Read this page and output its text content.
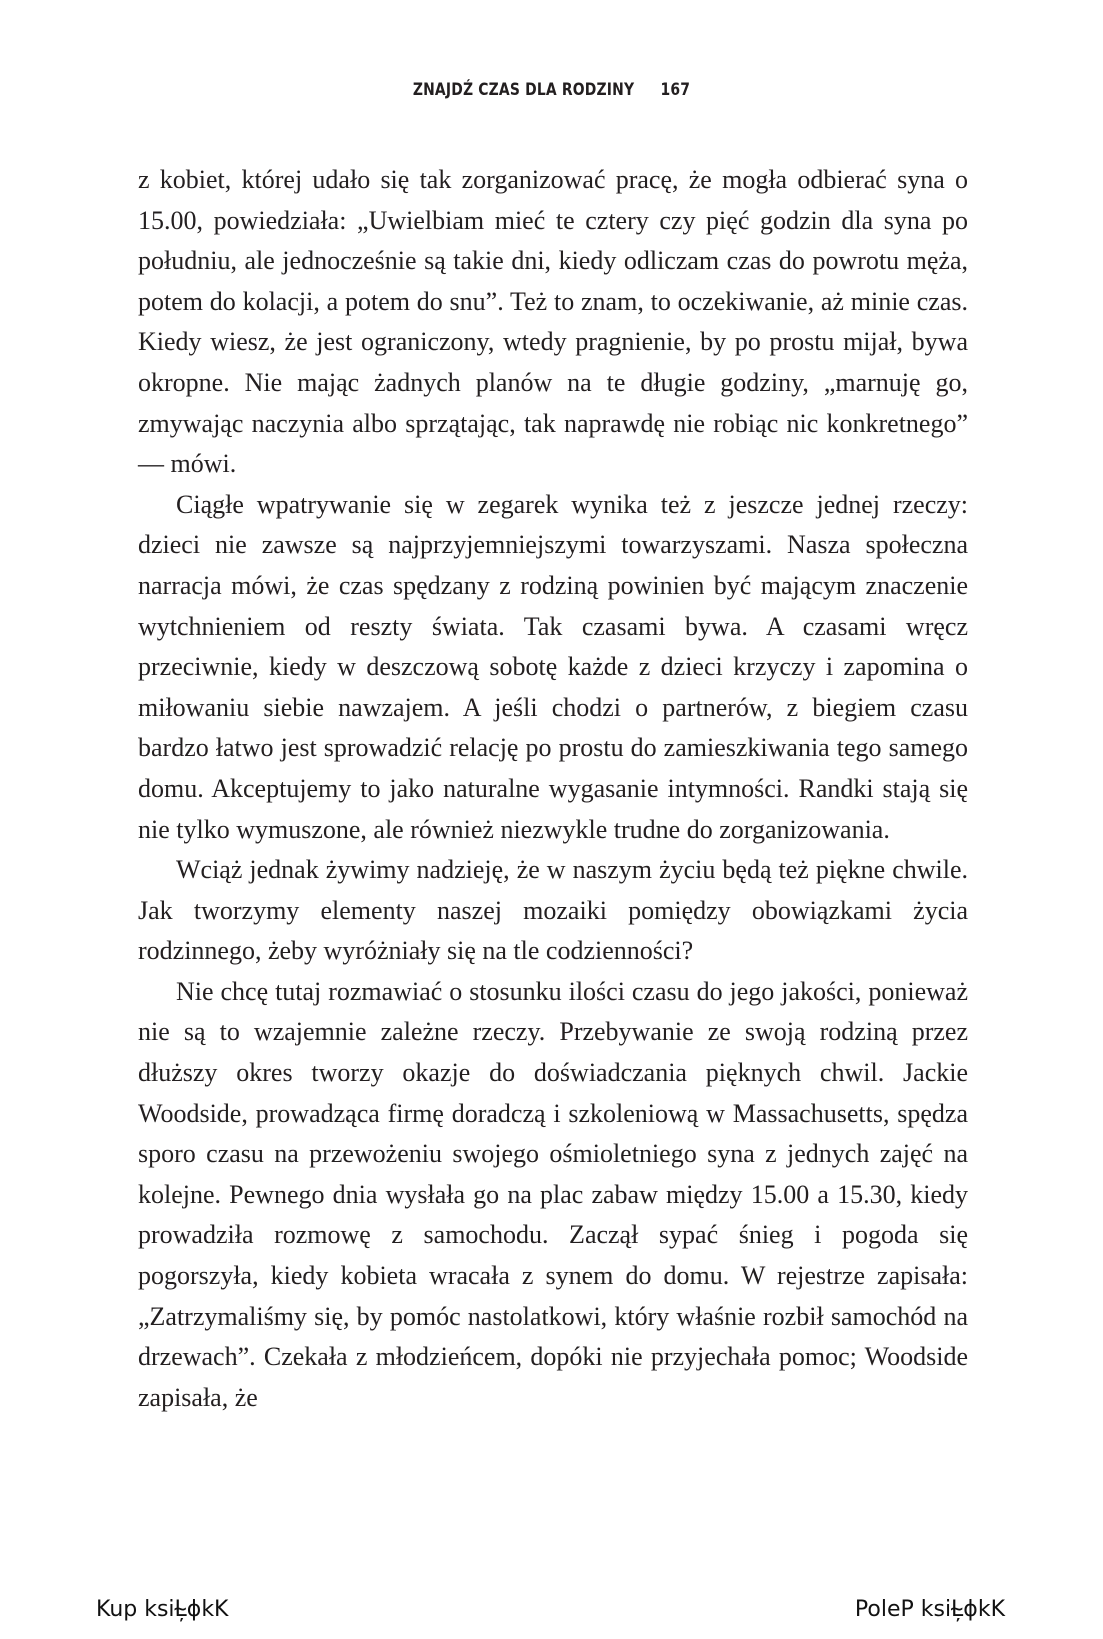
ZNAJDŹ CZAS DLA RODZINY 167

z kobiet, której udało się tak zorganizować pracę, że mogła odbierać syna o 15.00, powiedziała: „Uwielbiam mieć te cztery czy pięć godzin dla syna po południu, ale jednocześnie są takie dni, kiedy odliczam czas do powrotu męża, potem do kolacji, a potem do snu”. Też to znam, to oczekiwanie, aż minie czas. Kiedy wiesz, że jest ograniczony, wtedy pragnienie, by po prostu mijał, bywa okropne. Nie mając żadnych planów na te długie godziny, „marnuję go, zmywając naczynia albo sprzątając, tak naprawdę nie robiąc nic konkretnego” — mówi.

Ciągłe wpatrywanie się w zegarek wynika też z jeszcze jednej rzeczy: dzieci nie zawsze są najprzyjemniejszymi towarzyszami. Nasza społeczna narracja mówi, że czas spędzany z rodziną powinien być mającym znaczenie wytchnieniem od reszty świata. Tak czasami bywa. A czasami wręcz przeciwnie, kiedy w deszczową sobotę każde z dzieci krzyczy i zapomina o miłowaniu siebie nawzajem. A jeśli chodzi o partnerów, z biegiem czasu bardzo łatwo jest sprowadzić relację po prostu do zamieszkiwania tego samego domu. Akceptujemy to jako naturalne wygasanie intymności. Randki stają się nie tylko wymuszone, ale również niezwykle trudne do zorganizowania.

Wciąż jednak żywimy nadzieję, że w naszym życiu będą też piękne chwile. Jak tworzymy elementy naszej mozaiki pomiędzy obowiązkami życia rodzinnego, żeby wyróżniały się na tle codzienności?

Nie chcę tutaj rozmawiać o stosunku ilości czasu do jego jakości, ponieważ nie są to wzajemnie zależne rzeczy. Przebywanie ze swoją rodziną przez dłuższy okres tworzy okazje do doświadczania pięknych chwil. Jackie Woodside, prowadząca firmę doradczą i szkoleniową w Massachusetts, spędza sporo czasu na przewożeniu swojego ośmioletniego syna z jednych zajęć na kolejne. Pewnego dnia wysłała go na plac zabaw między 15.00 a 15.30, kiedy prowadziła rozmowę z samochodu. Zaczął sypać śnieg i pogoda się pogorszyła, kiedy kobieta wracała z synem do domu. W rejestrze zapisała: „Zatrzymaliśmy się, by pomóc nastolatkowi, który właśnie rozbił samochód na drzewach”. Czekała z młodzieńcem, dopóki nie przyjechała pomoc; Woodside zapisała, że

Kup ksiĻ̴ɸkK	PoleP ksiĻ̴ɸkK
